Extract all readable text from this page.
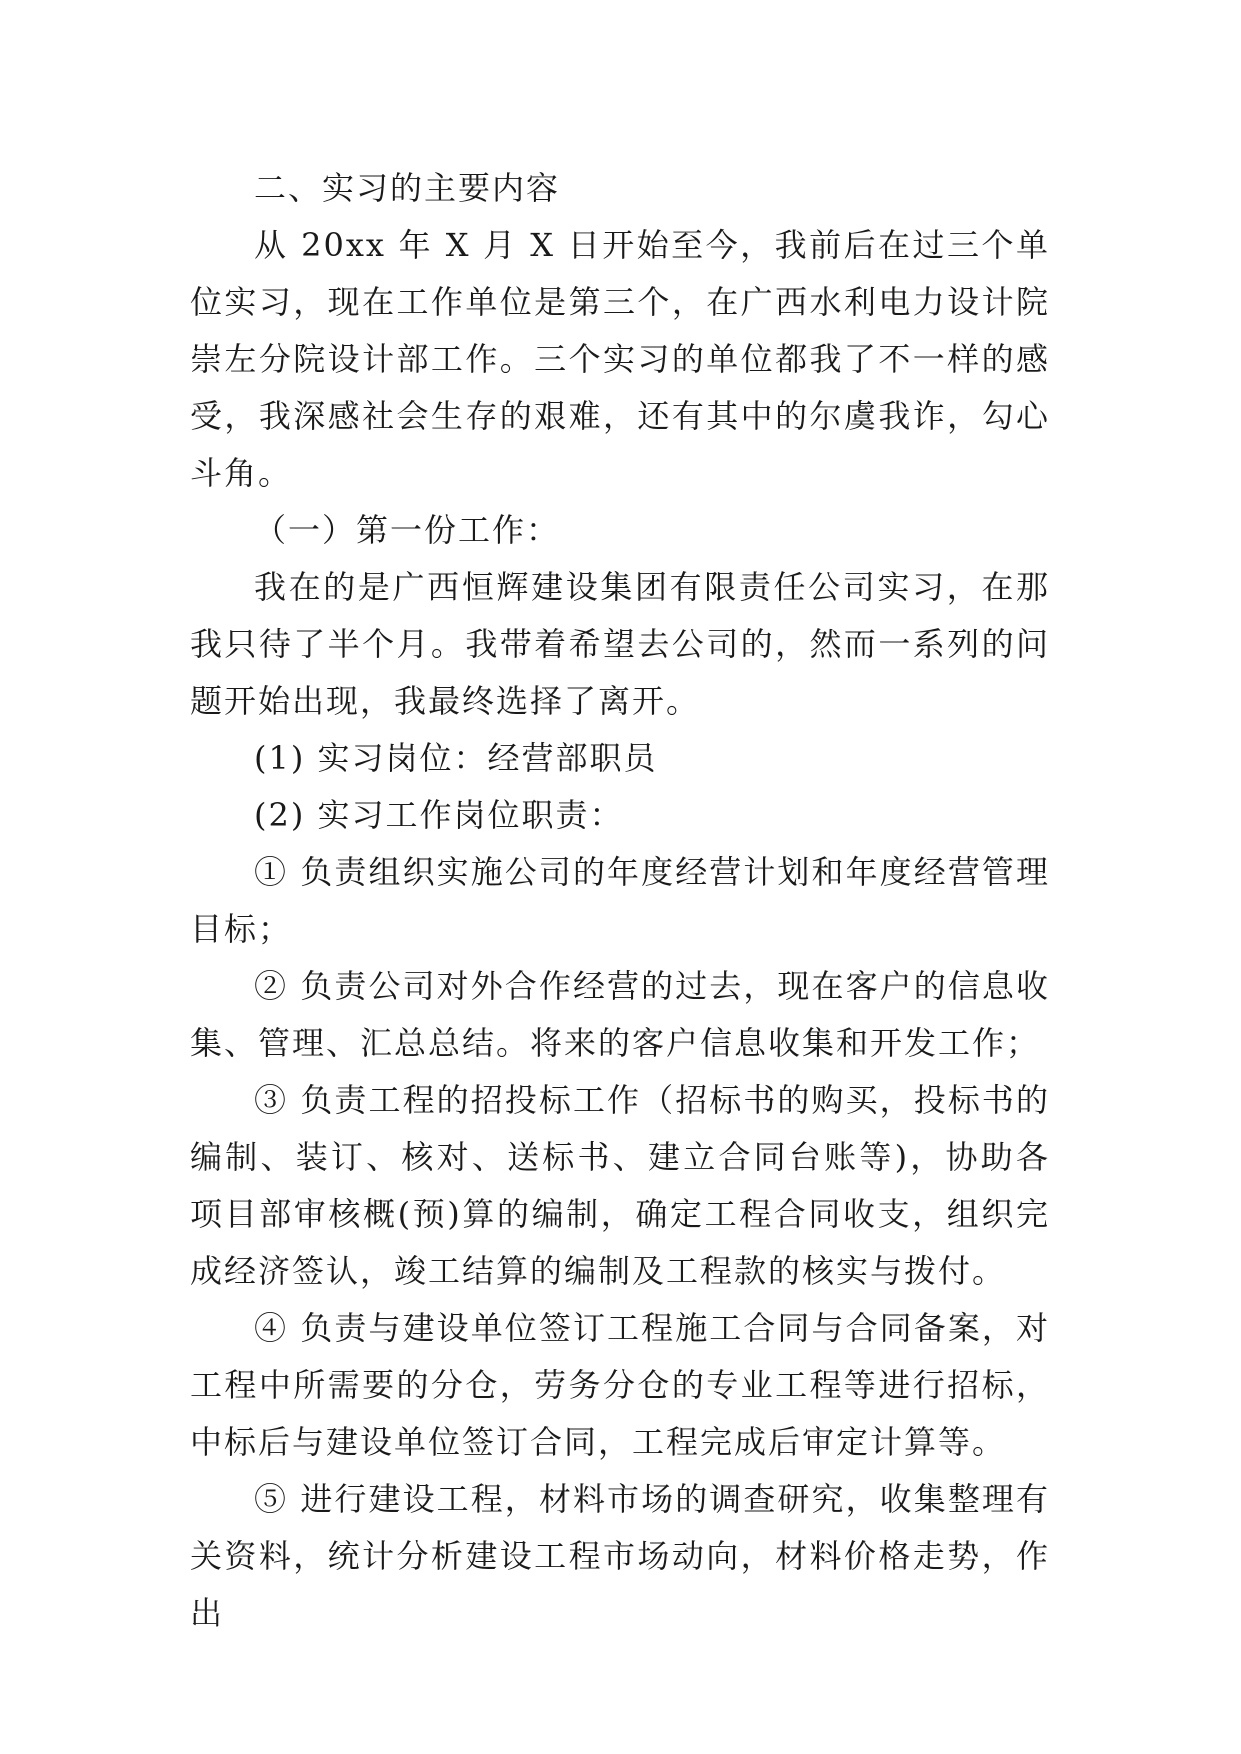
二、实习的主要内容

从 20xx 年 X 月 X 日开始至今，我前后在过三个单位实习，现在工作单位是第三个，在广西水利电力设计院崇左分院设计部工作。三个实习的单位都我了不一样的感受，我深感社会生存的艰难，还有其中的尔虞我诈，勾心斗角。

（一）第一份工作：

我在的是广西恒辉建设集团有限责任公司实习，在那我只待了半个月。我带着希望去公司的，然而一系列的问题开始出现，我最终选择了离开。

(1) 实习岗位：经营部职员

(2) 实习工作岗位职责：

① 负责组织实施公司的年度经营计划和年度经营管理目标；

② 负责公司对外合作经营的过去，现在客户的信息收集、管理、汇总总结。将来的客户信息收集和开发工作；

③ 负责工程的招投标工作（招标书的购买，投标书的编制、装订、核对、送标书、建立合同台账等)，协助各项目部审核概(预)算的编制，确定工程合同收支，组织完成经济签认，竣工结算的编制及工程款的核实与拨付。

④ 负责与建设单位签订工程施工合同与合同备案，对工程中所需要的分仓，劳务分仓的专业工程等进行招标，中标后与建设单位签订合同，工程完成后审定计算等。

⑤ 进行建设工程，材料市场的调查研究，收集整理有关资料，统计分析建设工程市场动向，材料价格走势，作出
